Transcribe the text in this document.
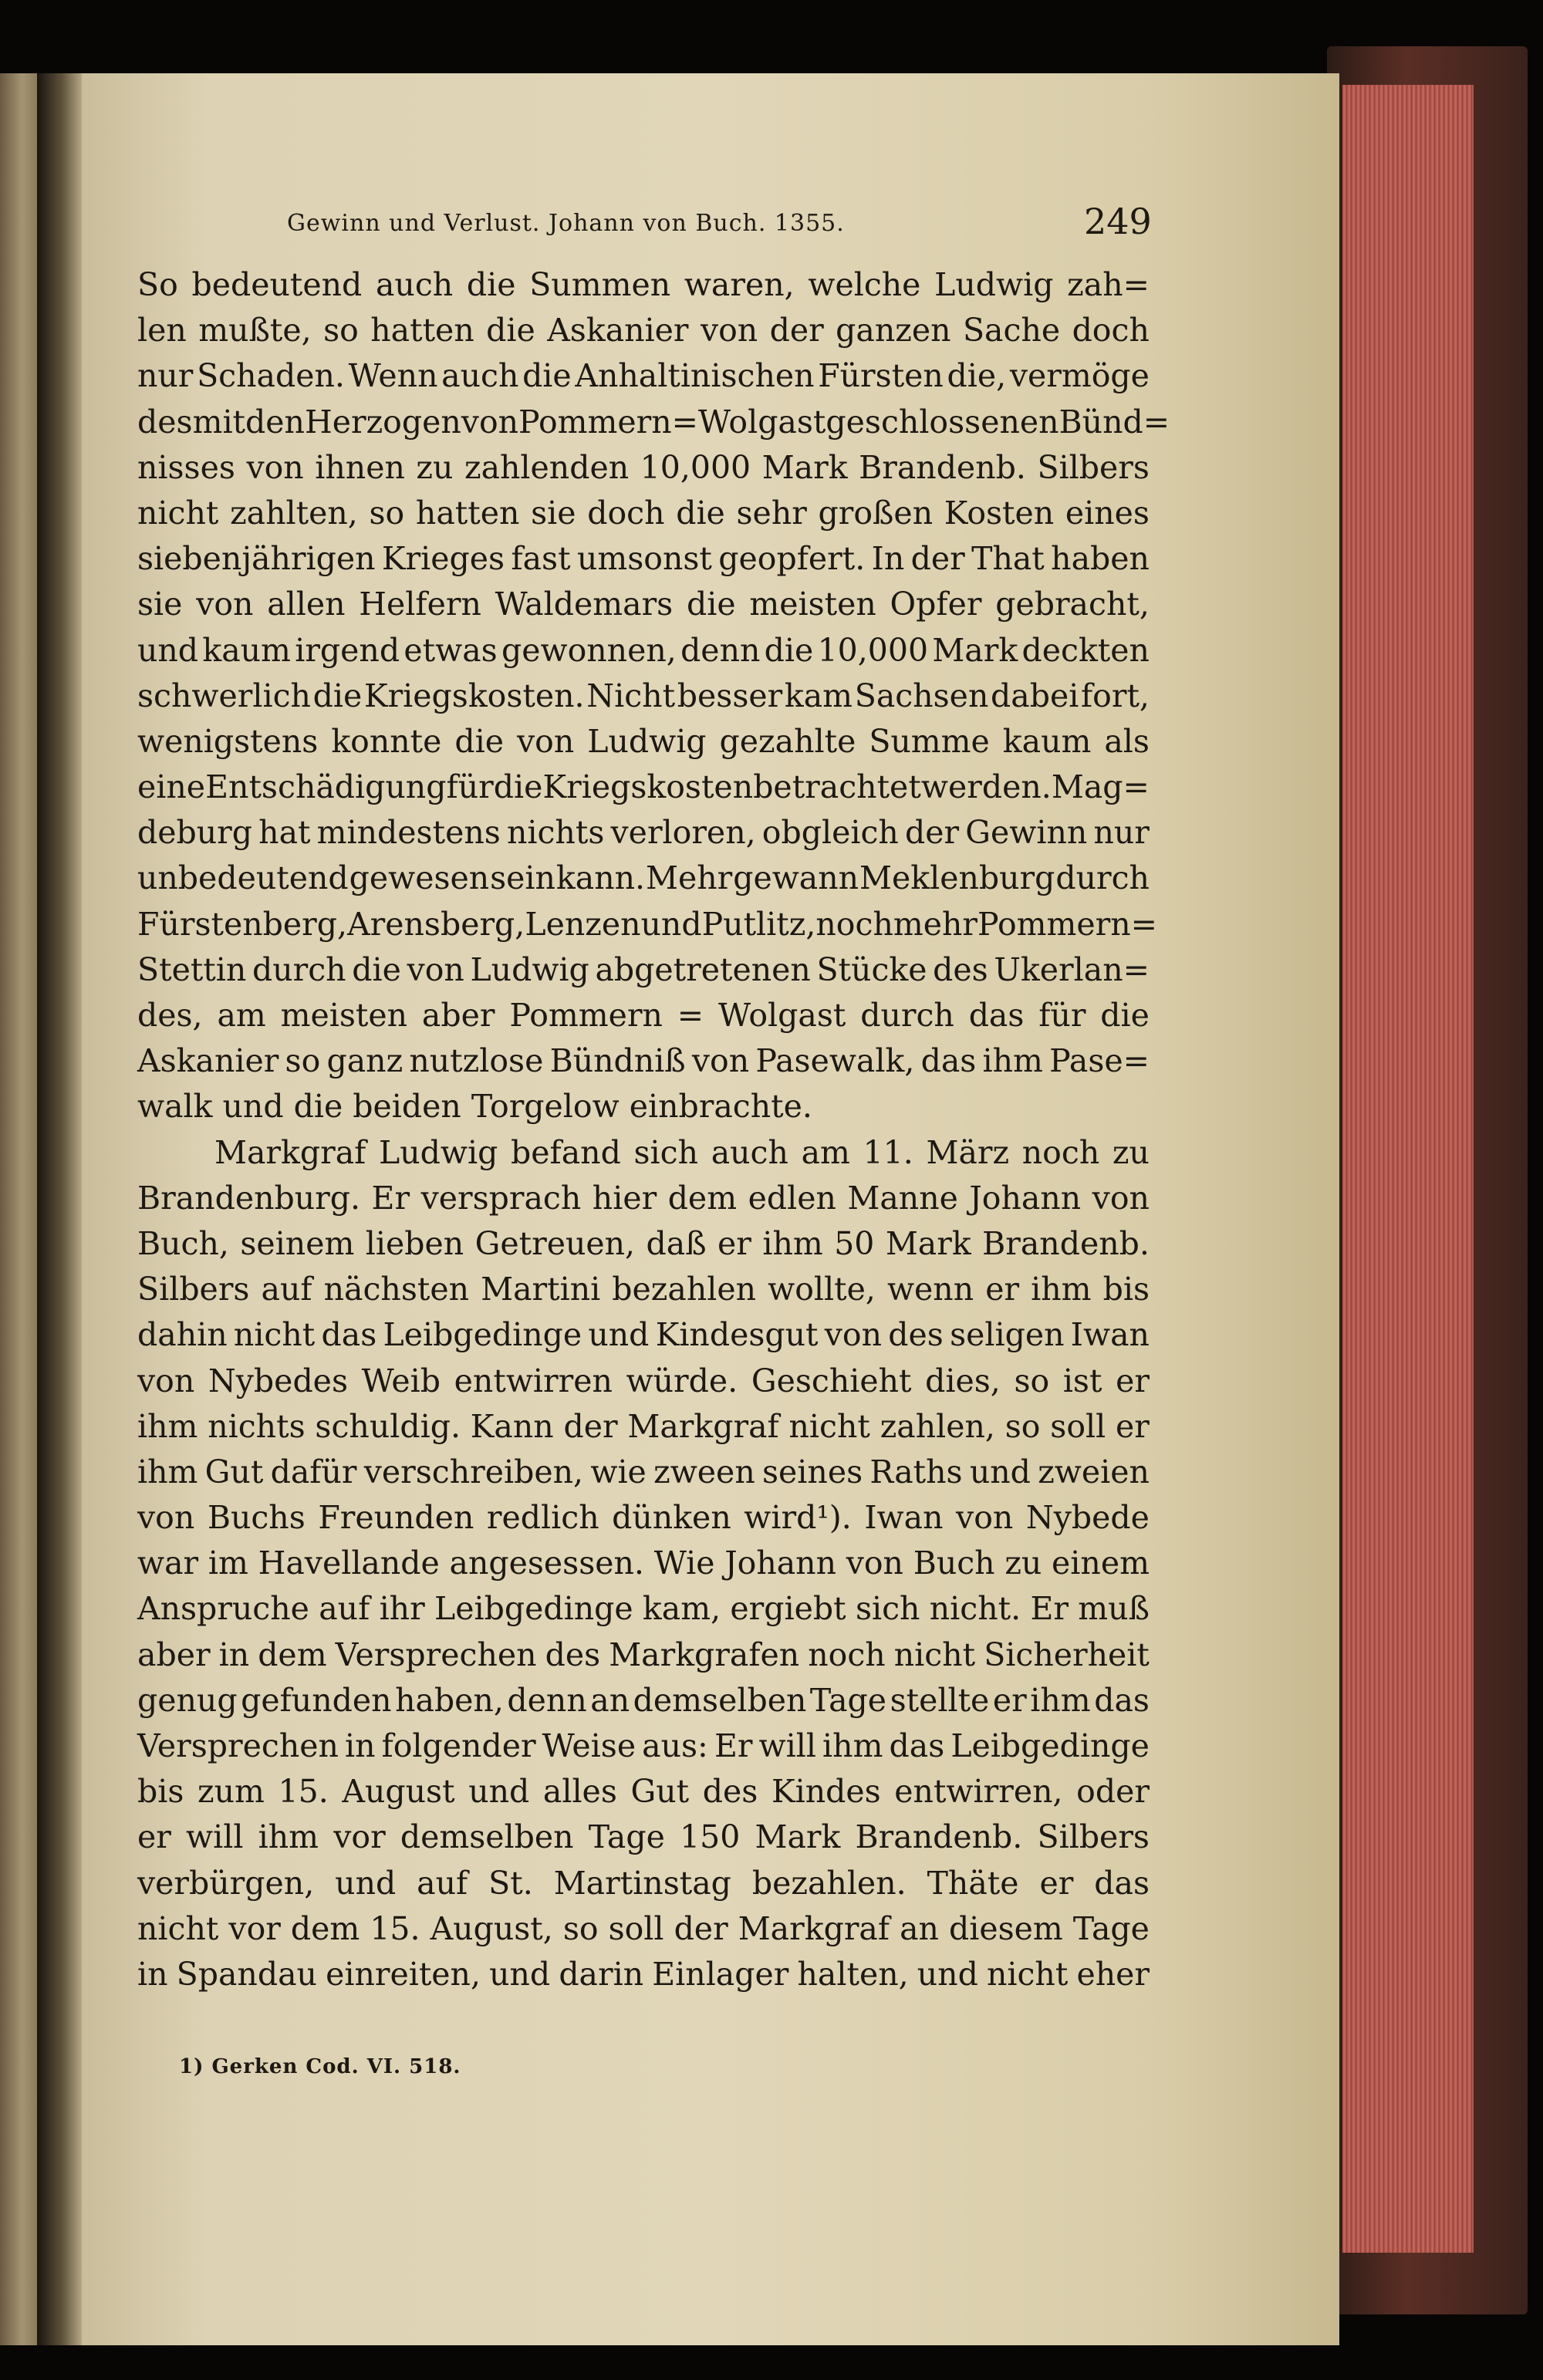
Gewinn und Verlust. Johann von Buch. 1355.	249
So bedeutend auch die Summen waren, welche Ludwig zah=
len mußte, so hatten die Askanier von der ganzen Sache doch
nur Schaden. Wenn auch die Anhaltinischen Fürsten die, vermöge
des mit den Herzogen von Pommern=Wolgast geschlossenen Bünd=
nisses von ihnen zu zahlenden 10,000 Mark Brandenb. Silbers
nicht zahlten, so hatten sie doch die sehr großen Kosten eines
siebenjährigen Krieges fast umsonst geopfert. In der That haben
sie von allen Helfern Waldemars die meisten Opfer gebracht,
und kaum irgend etwas gewonnen, denn die 10,000 Mark deckten
schwerlich die Kriegskosten. Nicht besser kam Sachsen dabei fort,
wenigstens konnte die von Ludwig gezahlte Summe kaum als
eine Entschädigung für die Kriegskosten betrachtet werden. Mag=
deburg hat mindestens nichts verloren, obgleich der Gewinn nur
unbedeutend gewesen sein kann. Mehr gewann Meklenburg durch
Fürstenberg, Arensberg, Lenzen und Putlitz, noch mehr Pommern=
Stettin durch die von Ludwig abgetretenen Stücke des Ukerlan=
des, am meisten aber Pommern = Wolgast durch das für die
Askanier so ganz nutzlose Bündniß von Pasewalk, das ihm Pase=
walk und die beiden Torgelow einbrachte.
Markgraf Ludwig befand sich auch am 11. März noch zu
Brandenburg. Er versprach hier dem edlen Manne Johann von
Buch, seinem lieben Getreuen, daß er ihm 50 Mark Brandenb.
Silbers auf nächsten Martini bezahlen wollte, wenn er ihm bis
dahin nicht das Leibgedinge und Kindesgut von des seligen Iwan
von Nybedes Weib entwirren würde. Geschieht dies, so ist er
ihm nichts schuldig. Kann der Markgraf nicht zahlen, so soll er
ihm Gut dafür verschreiben, wie zween seines Raths und zweien
von Buchs Freunden redlich dünken wird¹). Iwan von Nybede
war im Havellande angesessen. Wie Johann von Buch zu einem
Anspruche auf ihr Leibgedinge kam, ergiebt sich nicht. Er muß
aber in dem Versprechen des Markgrafen noch nicht Sicherheit
genug gefunden haben, denn an demselben Tage stellte er ihm das
Versprechen in folgender Weise aus: Er will ihm das Leibgedinge
bis zum 15. August und alles Gut des Kindes entwirren, oder
er will ihm vor demselben Tage 150 Mark Brandenb. Silbers
verbürgen, und auf St. Martinstag bezahlen. Thäte er das
nicht vor dem 15. August, so soll der Markgraf an diesem Tage
in Spandau einreiten, und darin Einlager halten, und nicht eher
1) Gerken Cod. VI. 518.
